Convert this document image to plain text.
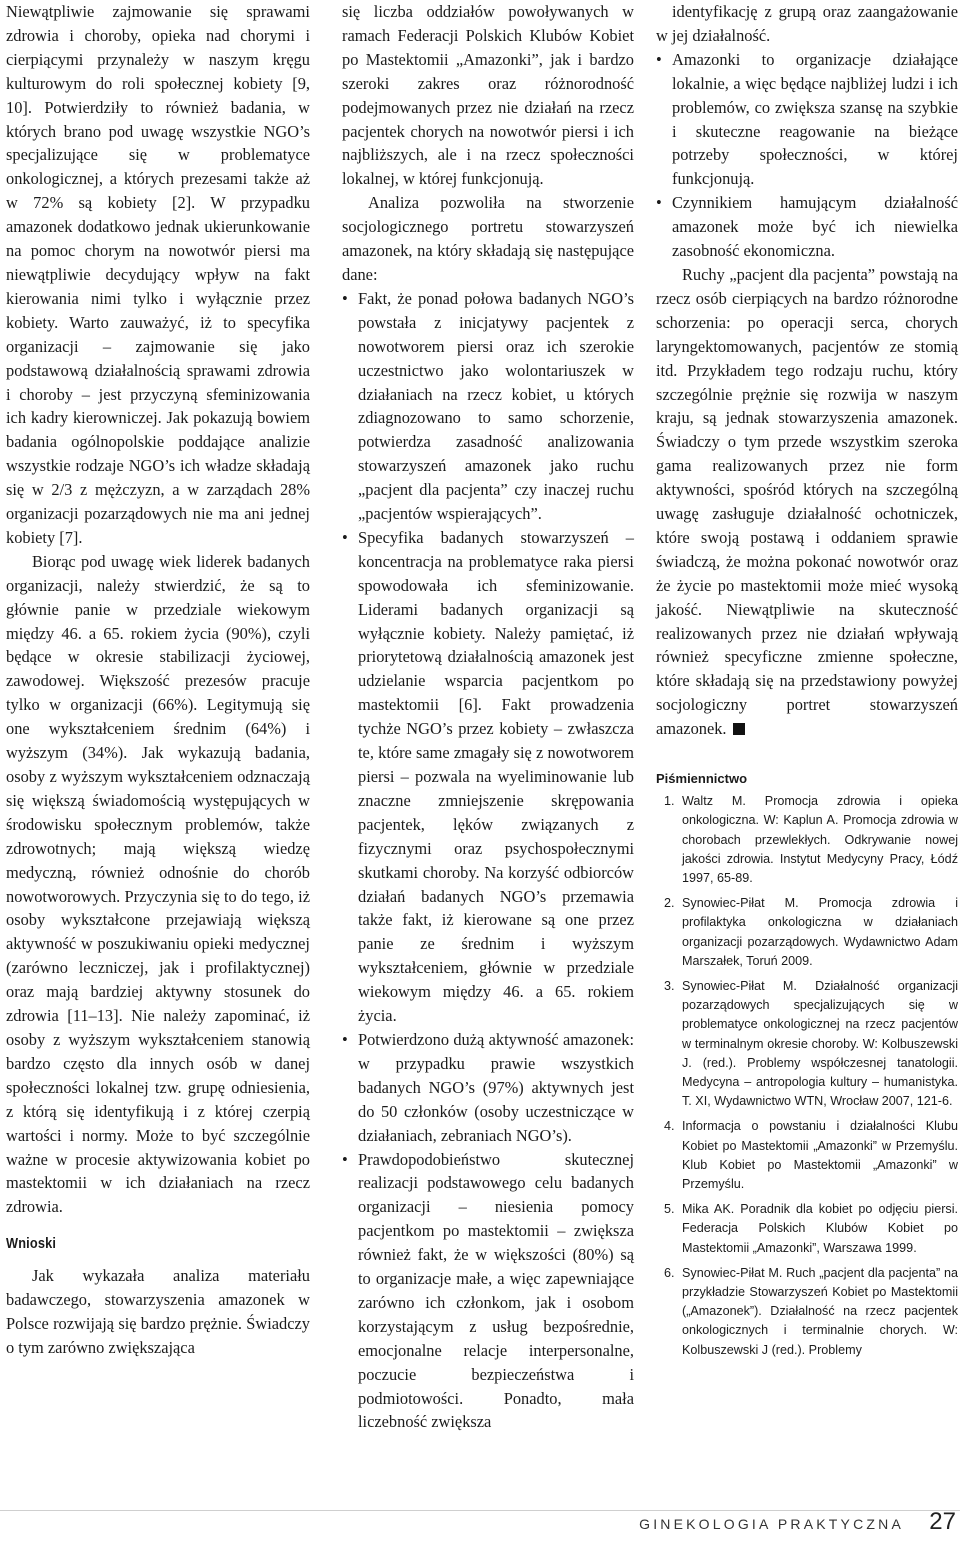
Niewątpliwie zajmowanie się sprawami zdrowia i choroby, opieka nad chorymi i cierpiącymi przynależy w naszym kręgu kulturowym do roli społecznej kobiety [9, 10]. Potwierdziły to również badania, w których brano pod uwagę wszystkie NGO’s specjalizujące się w problematyce onkologicznej, a których prezesami także aż w 72% są kobiety [2]. W przypadku amazonek dodatkowo jednak ukierunkowanie na pomoc chorym na nowotwór piersi ma niewątpliwie decydujący wpływ na fakt kierowania nimi tylko i wyłącznie przez kobiety. Warto zauważyć, iż to specyfika organizacji – zajmowanie się jako podstawową działalnością sprawami zdrowia i choroby – jest przyczyną sfeminizowania ich kadry kierowniczej. Jak pokazują bowiem badania ogólnopolskie poddające analizie wszystkie rodzaje NGO’s ich władze składają się w 2/3 z mężczyzn, a w zarządach 28% organizacji pozarządowych nie ma ani jednej kobiety [7].

Biorąc pod uwagę wiek liderek badanych organizacji, należy stwierdzić, że są to głównie panie w przedziale wiekowym między 46. a 65. rokiem życia (90%), czyli będące w okresie stabilizacji życiowej, zawodowej. Większość prezesów pracuje tylko w organizacji (66%). Legitymują się one wykształceniem średnim (64%) i wyższym (34%). Jak wykazują badania, osoby z wyższym wykształceniem odznaczają się większą świadomością występujących w środowisku społecznym problemów, także zdrowotnych; mają większą wiedzę medyczną, również odnośnie do chorób nowotworowych. Przyczynia się to do tego, iż osoby wykształcone przejawiają większą aktywność w poszukiwaniu opieki medycznej (zarówno leczniczej, jak i profilaktycznej) oraz mają bardziej aktywny stosunek do zdrowia [11–13]. Nie należy zapominać, iż osoby z wyższym wykształceniem stanowią bardzo często dla innych osób w danej społeczności lokalnej tzw. grupę odniesienia, z którą się identyfikują i z której czerpią wartości i normy. Może to być szczególnie ważne w procesie aktywizowania kobiet po mastektomii w ich działaniach na rzecz zdrowia.

Wnioski

Jak wykazała analiza materiału badawczego, stowarzyszenia amazonek w Polsce rozwijają się bardzo prężnie. Świadczy o tym zarówno zwiększająca

się liczba oddziałów powoływanych w ramach Federacji Polskich Klubów Kobiet po Mastektomii „Amazonki”, jak i bardzo szeroki zakres oraz różnorodność podejmowanych przez nie działań na rzecz pacjentek chorych na nowotwór piersi i ich najbliższych, ale i na rzecz społeczności lokalnej, w której funkcjonują.

Analiza pozwoliła na stworzenie socjologicznego portretu stowarzyszeń amazonek, na który składają się następujące dane:

• Fakt, że ponad połowa badanych NGO’s powstała z inicjatywy pacjentek z nowotworem piersi oraz ich szerokie uczestnictwo jako wolontariuszek w działaniach na rzecz kobiet, u których zdiagnozowano to samo schorzenie, potwierdza zasadność analizowania stowarzyszeń amazonek jako ruchu „pacjent dla pacjenta” czy inaczej ruchu „pacjentów wspierających”.
• Specyfika badanych stowarzyszeń – koncentracja na problematyce raka piersi spowodowała ich sfeminizowanie. Liderami badanych organizacji są wyłącznie kobiety. Należy pamiętać, iż priorytetową działalnością amazonek jest udzielanie wsparcia pacjentkom po mastektomii [6]. Fakt prowadzenia tychże NGO’s przez kobiety – zwłaszcza te, które same zmagały się z nowotworem piersi – pozwala na wyeliminowanie lub znaczne zmniejszenie skrępowania pacjentek, lęków związanych z fizycznymi oraz psychospołecznymi skutkami choroby. Na korzyść odbiorców działań badanych NGO’s przemawia także fakt, iż kierowane są one przez panie ze średnim i wyższym wykształceniem, głównie w przedziale wiekowym między 46. a 65. rokiem życia.
• Potwierdzono dużą aktywność amazonek: w przypadku prawie wszystkich badanych NGO’s (97%) aktywnych jest do 50 członków (osoby uczestniczące w działaniach, zebraniach NGO’s).
• Prawdopodobieństwo skutecznej realizacji podstawowego celu badanych organizacji – niesienia pomocy pacjentkom po mastektomii – zwiększa również fakt, że w większości (80%) są to organizacje małe, a więc zapewniające zarówno ich członkom, jak i osobom korzystającym z usług bezpośrednie, emocjonalne relacje interpersonalne, poczucie bezpieczeństwa i podmiotowości. Ponadto, mała liczebność zwiększa

identyfikację z grupą oraz zaangażowanie w jej działalność.

• Amazonki to organizacje działające lokalnie, a więc będące najbliżej ludzi i ich problemów, co zwiększa szansę na szybkie i skuteczne reagowanie na bieżące potrzeby społeczności, w której funkcjonują.
• Czynnikiem hamującym działalność amazonek może być ich niewielka zasobność ekonomiczna.

Ruchy „pacjent dla pacjenta” powstają na rzecz osób cierpiących na bardzo różnorodne schorzenia: po operacji serca, chorych laryngektomowanych, pacjentów ze stomią itd. Przykładem tego rodzaju ruchu, który szczególnie prężnie się rozwija w naszym kraju, są jednak stowarzyszenia amazonek. Świadczy o tym przede wszystkim szeroka gama realizowanych przez nie form aktywności, spośród których na szczególną uwagę zasługuje działalność ochotniczek, które swoją postawą i oddaniem sprawie świadczą, że można pokonać nowotwór oraz że życie po mastektomii może mieć wysoką jakość. Niewątpliwie na skuteczność realizowanych przez nie działań wpływają również specyficzne zmienne społeczne, które składają się na przedstawiony powyżej socjologiczny portret stowarzyszeń amazonek.

Piśmiennictwo
1. Waltz M. Promocja zdrowia i opieka onkologiczna. W: Kaplun A. Promocja zdrowia w chorobach przewlekłych. Odkrywanie nowej jakości zdrowia. Instytut Medycyny Pracy, Łódź 1997, 65-89.
2. Synowiec-Piłat M. Promocja zdrowia i profilaktyka onkologiczna w działaniach organizacji pozarządowych. Wydawnictwo Adam Marszałek, Toruń 2009.
3. Synowiec-Piłat M. Działalność organizacji pozarządowych specjalizujących się w problematyce onkologicznej na rzecz pacjentów w terminalnym okresie choroby. W: Kolbuszewski J. (red.). Problemy współczesnej tanatologii. Medycyna – antropologia kultury – humanistyka. T. XI, Wydawnictwo WTN, Wrocław 2007, 121-6.
4. Informacja o powstaniu i działalności Klubu Kobiet po Mastektomii „Amazonki” w Przemyślu. Klub Kobiet po Mastektomii „Amazonki” w Przemyślu.
5. Mika AK. Poradnik dla kobiet po odjęciu piersi. Federacja Polskich Klubów Kobiet po Mastektomii „Amazonki”, Warszawa 1999.
6. Synowiec-Piłat M. Ruch „pacjent dla pacjenta” na przykładzie Stowarzyszeń Kobiet po Mastektomii („Amazonek”). Działalność na rzecz pacjentek onkologicznych i terminalnie chorych. W: Kolbuszewski J (red.). Problemy
GINEKOLOGIA PRAKTYCZNA 27
